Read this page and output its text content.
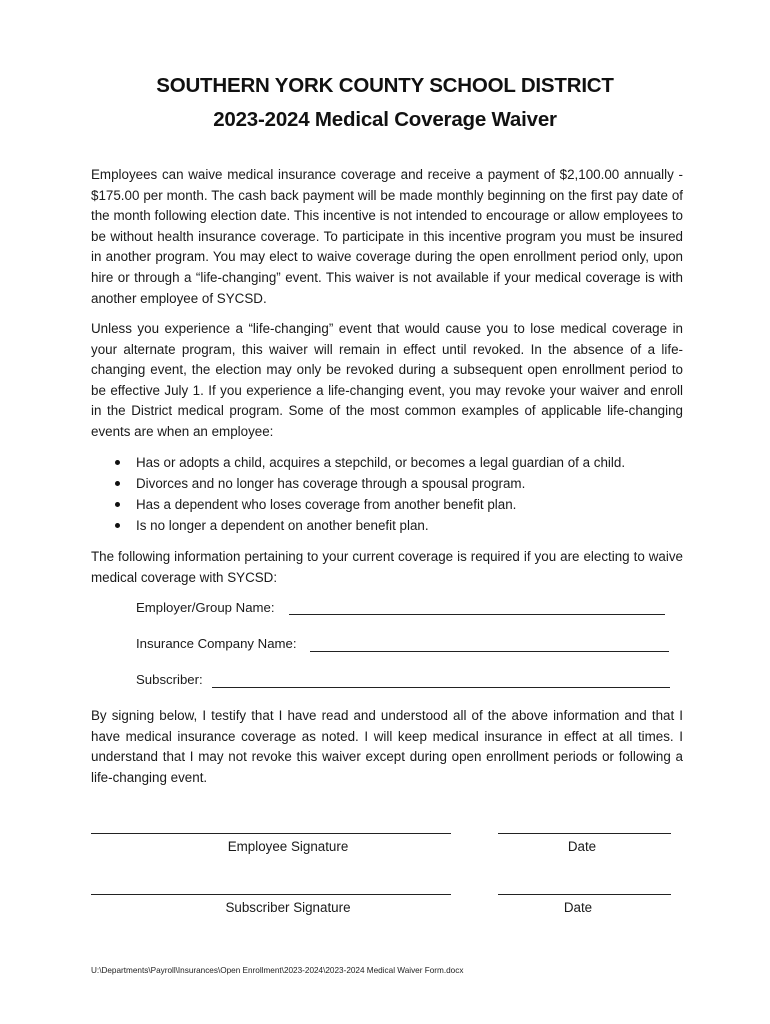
SOUTHERN YORK COUNTY SCHOOL DISTRICT
2023-2024 Medical Coverage Waiver
Employees can waive medical insurance coverage and receive a payment of $2,100.00 annually - $175.00 per month. The cash back payment will be made monthly beginning on the first pay date of the month following election date. This incentive is not intended to encourage or allow employees to be without health insurance coverage. To participate in this incentive program you must be insured in another program. You may elect to waive coverage during the open enrollment period only, upon hire or through a “life-changing” event. This waiver is not available if your medical coverage is with another employee of SYCSD.
Unless you experience a “life-changing” event that would cause you to lose medical coverage in your alternate program, this waiver will remain in effect until revoked. In the absence of a life-changing event, the election may only be revoked during a subsequent open enrollment period to be effective July 1. If you experience a life-changing event, you may revoke your waiver and enroll in the District medical program. Some of the most common examples of applicable life-changing events are when an employee:
Has or adopts a child, acquires a stepchild, or becomes a legal guardian of a child.
Divorces and no longer has coverage through a spousal program.
Has a dependent who loses coverage from another benefit plan.
Is no longer a dependent on another benefit plan.
The following information pertaining to your current coverage is required if you are electing to waive medical coverage with SYCSD:
Employer/Group Name:
Insurance Company Name:
Subscriber:
By signing below, I testify that I have read and understood all of the above information and that I have medical insurance coverage as noted. I will keep medical insurance in effect at all times. I understand that I may not revoke this waiver except during open enrollment periods or following a life-changing event.
Employee Signature	Date
Subscriber Signature	Date
U:\Departments\Payroll\Insurances\Open Enrollment\2023-2024\2023-2024 Medical Waiver Form.docx
